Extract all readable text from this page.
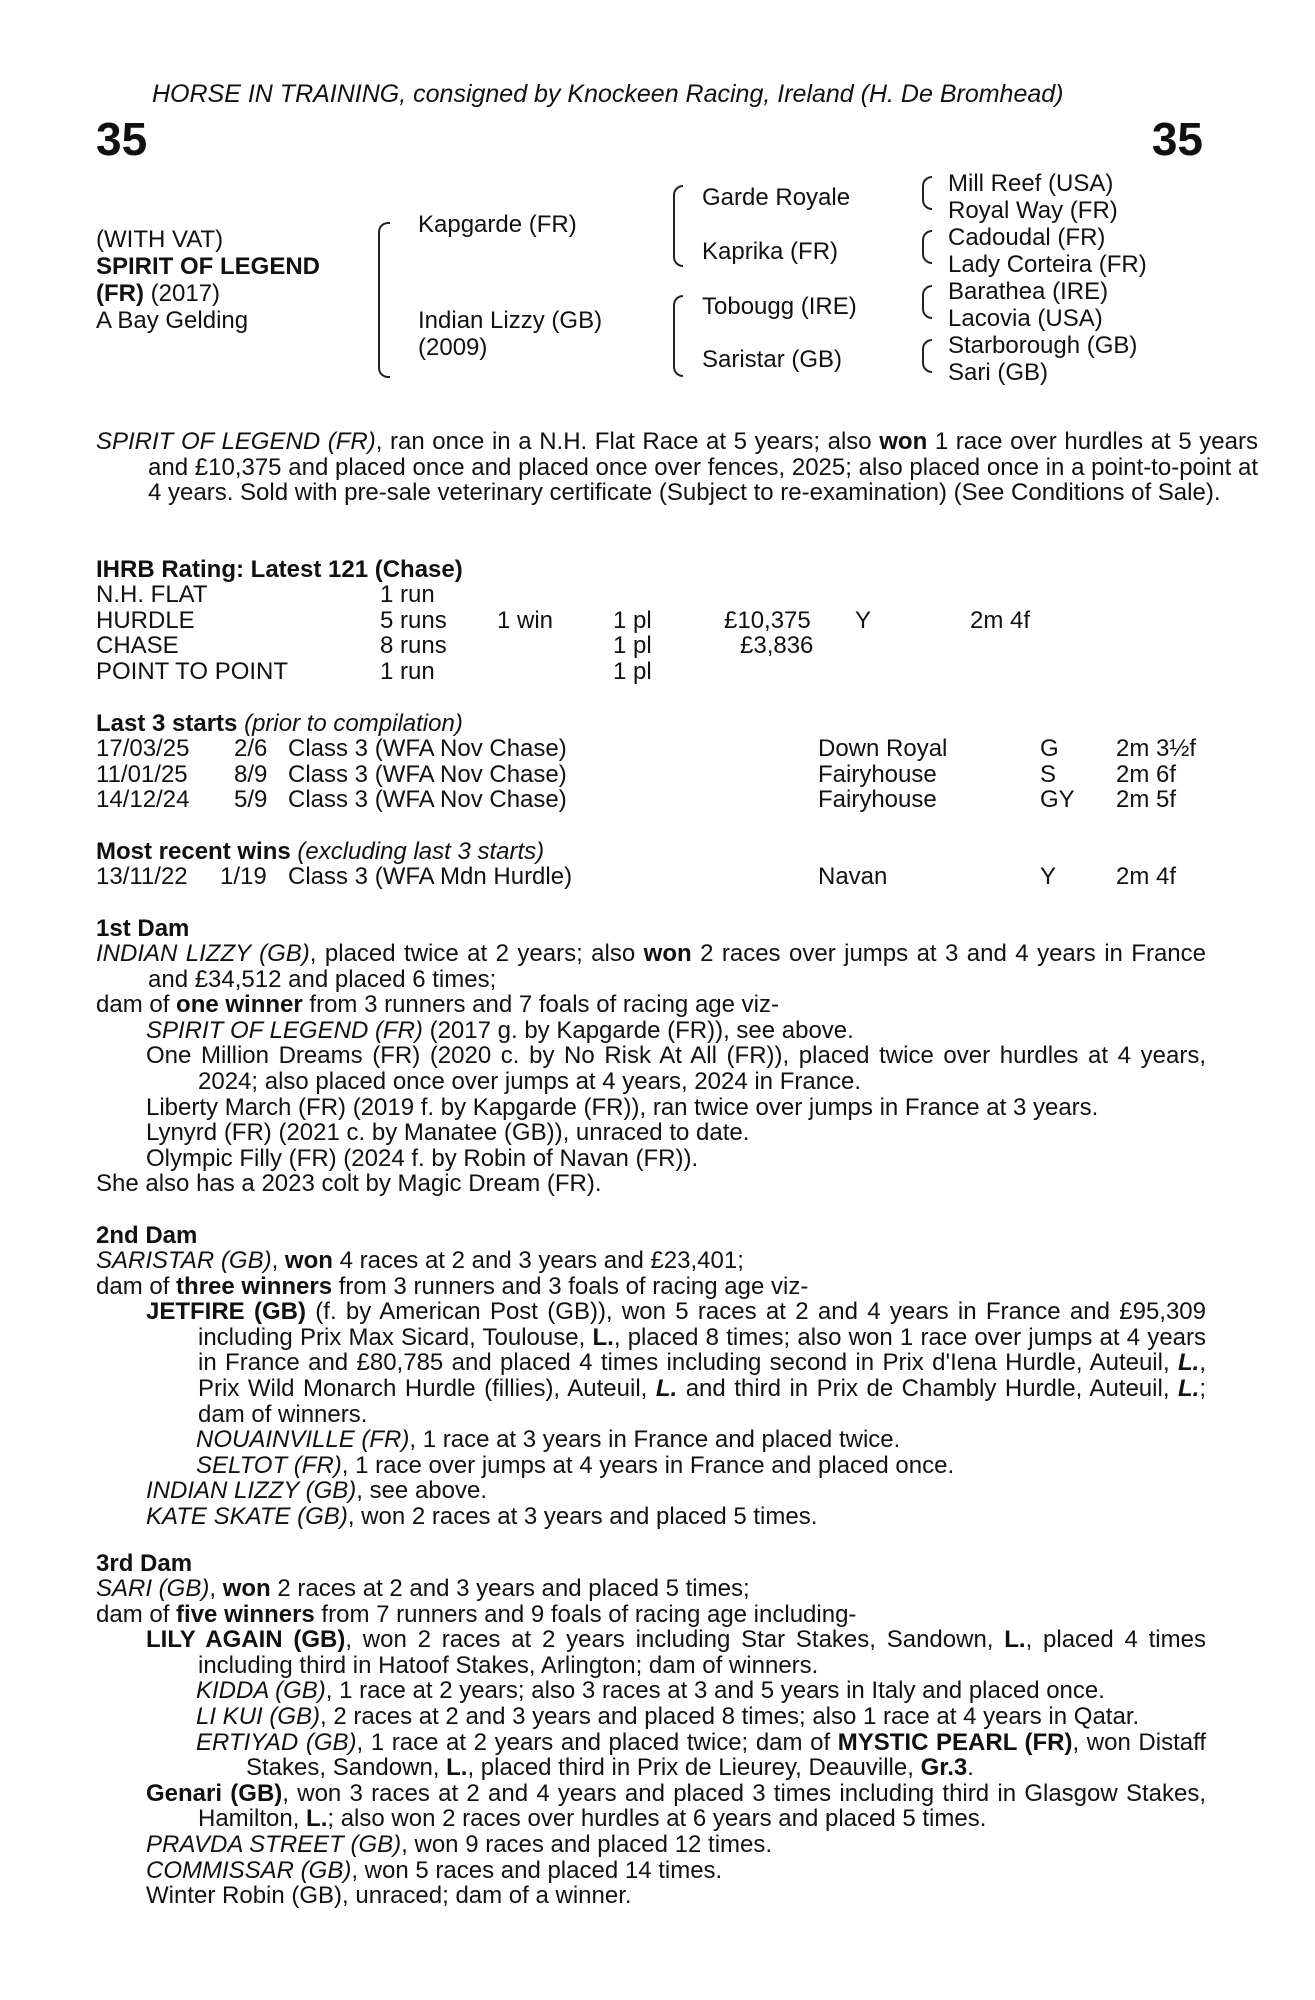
HORSE IN TRAINING, consigned by Knockeen Racing, Ireland (H. De Bromhead)
35	35
(WITH VAT)
SPIRIT OF LEGEND
(FR) (2017)
A Bay Gelding
Kapgarde (FR)
Indian Lizzy (GB)
(2009)
Garde Royale
Kaprika (FR)
Tobougg (IRE)
Saristar (GB)
Mill Reef (USA)
Royal Way (FR)
Cadoudal (FR)
Lady Corteira (FR)
Barathea (IRE)
Lacovia (USA)
Starborough (GB)
Sari (GB)
SPIRIT OF LEGEND (FR), ran once in a N.H. Flat Race at 5 years; also won 1 race over hurdles at 5 years and £10,375 and placed once and placed once over fences, 2025; also placed once in a point-to-point at 4 years. Sold with pre-sale veterinary certificate (Subject to re-examination) (See Conditions of Sale).
IHRB Rating: Latest 121 (Chase)
N.H. FLAT	1 run
HURDLE	5 runs 1 win 1 pl	£10,375 Y	2m 4f
CHASE	8 runs	1 pl	£3,836
POINT TO POINT	1 run	1 pl
Last 3 starts (prior to compilation)
17/03/25 2/6 Class 3 (WFA Nov Chase)	Down Royal	G 2m 3½f
11/01/25 8/9 Class 3 (WFA Nov Chase)	Fairyhouse	S 2m 6f
14/12/24 5/9 Class 3 (WFA Nov Chase)	Fairyhouse	GY 2m 5f
Most recent wins (excluding last 3 starts)
13/11/22 1/19 Class 3 (WFA Mdn Hurdle)	Navan	Y 2m 4f
1st Dam

INDIAN LIZZY (GB), placed twice at 2 years; also won 2 races over jumps at 3 and 4 years in France and £34,512 and placed 6 times;

dam of one winner from 3 runners and 7 foals of racing age viz-

SPIRIT OF LEGEND (FR) (2017 g. by Kapgarde (FR)), see above.

One Million Dreams (FR) (2020 c. by No Risk At All (FR)), placed twice over hurdles at 4 years, 2024; also placed once over jumps at 4 years, 2024 in France.

Liberty March (FR) (2019 f. by Kapgarde (FR)), ran twice over jumps in France at 3 years.

Lynyrd (FR) (2021 c. by Manatee (GB)), unraced to date.

Olympic Filly (FR) (2024 f. by Robin of Navan (FR)).

She also has a 2023 colt by Magic Dream (FR).

2nd Dam

SARISTAR (GB), won 4 races at 2 and 3 years and £23,401;

dam of three winners from 3 runners and 3 foals of racing age viz-

JETFIRE (GB) (f. by American Post (GB)), won 5 races at 2 and 4 years in France and £95,309 including Prix Max Sicard, Toulouse, L., placed 8 times; also won 1 race over jumps at 4 years in France and £80,785 and placed 4 times including second in Prix d'Iena Hurdle, Auteuil, L., Prix Wild Monarch Hurdle (fillies), Auteuil, L. and third in Prix de Chambly Hurdle, Auteuil, L.; dam of winners.

NOUAINVILLE (FR), 1 race at 3 years in France and placed twice.

SELTOT (FR), 1 race over jumps at 4 years in France and placed once.

INDIAN LIZZY (GB), see above.

KATE SKATE (GB), won 2 races at 3 years and placed 5 times.

3rd Dam

SARI (GB), won 2 races at 2 and 3 years and placed 5 times;

dam of five winners from 7 runners and 9 foals of racing age including-

LILY AGAIN (GB), won 2 races at 2 years including Star Stakes, Sandown, L., placed 4 times including third in Hatoof Stakes, Arlington; dam of winners.

KIDDA (GB), 1 race at 2 years; also 3 races at 3 and 5 years in Italy and placed once.

LI KUI (GB), 2 races at 2 and 3 years and placed 8 times; also 1 race at 4 years in Qatar.

ERTIYAD (GB), 1 race at 2 years and placed twice; dam of MYSTIC PEARL (FR), won Distaff Stakes, Sandown, L., placed third in Prix de Lieurey, Deauville, Gr.3.

Genari (GB), won 3 races at 2 and 4 years and placed 3 times including third in Glasgow Stakes, Hamilton, L.; also won 2 races over hurdles at 6 years and placed 5 times.

PRAVDA STREET (GB), won 9 races and placed 12 times.

COMMISSAR (GB), won 5 races and placed 14 times.

Winter Robin (GB), unraced; dam of a winner.
